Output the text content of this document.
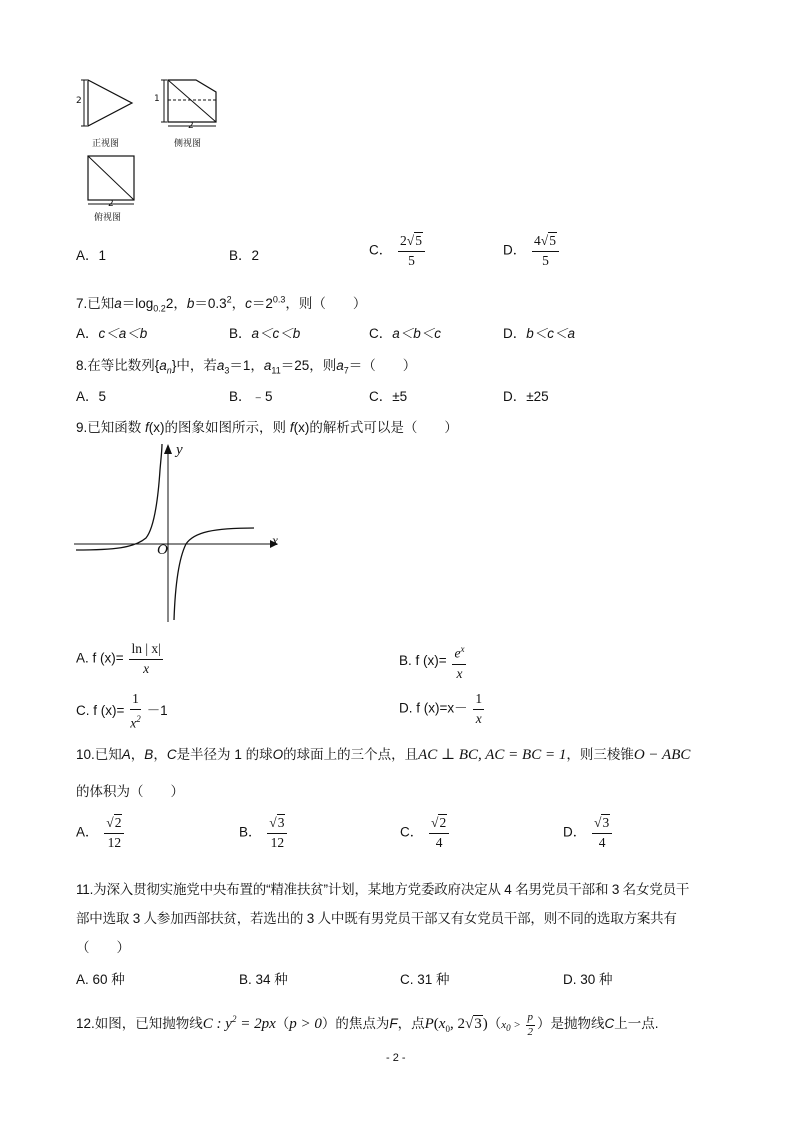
2	1
2
2
正视图	侧视图
俯视图
A．1	B．2	C． $\frac{2√5}{5}$	D． $\frac{4√5}{5}$
7.已知$a=\log_{0.2}2$，$b=0.3^2$，$c=2^{0.3}$，则（　　）
A．c＜a＜b	B．a＜c＜b	C．a＜b＜c	D．b＜c＜a
8.在等比数列$\{a_n\}$中，若$a_3=1$，$a_{11}=25$，则$a_7=$（　　）
A．5	B．﹣5	C．±5	D．±25
9.已知函数 f(x)的图象如图所示，则 f(x)的解析式可以是（　　）
x
y
O
A. f $(x)= \frac{\ln | x|}{x}$	B. f $(x)= \frac{e^x}{x}$
C. f $(x)= \frac{1}{x^2} -1$	D. f $(x)=x- \frac{1}{x}$
10.已知A，B，C是半径为 1 的球O的球面上的三个点，且AC ⊥ BC, AC = BC = 1，则三棱锥O − ABC
的体积为（　　）
A． $\frac{√2}{12}$	B． $\frac{√3}{12}$	C． $\frac{√2}{4}$	D． $\frac{√3}{4}$
11.为深入贯彻实施党中央布置的“精准扶贫”计划，某地方党委政府决定从 4 名男党员干部和 3 名女党员干
部中选取 3 人参加西部扶贫，若选出的 3 人中既有男党员干部又有女党员干部，则不同的选取方案共有
（　　）
A. 60 种	B. 34 种	C. 31 种	D. 30 种
12.如图，已知抛物线C : $y^2 = 2px(p > 0)$的焦点为F，点$P(x_0$, $2√3)(x_0 > \frac{p}{2}$ ）是抛物线C上一点.
- 2 -
